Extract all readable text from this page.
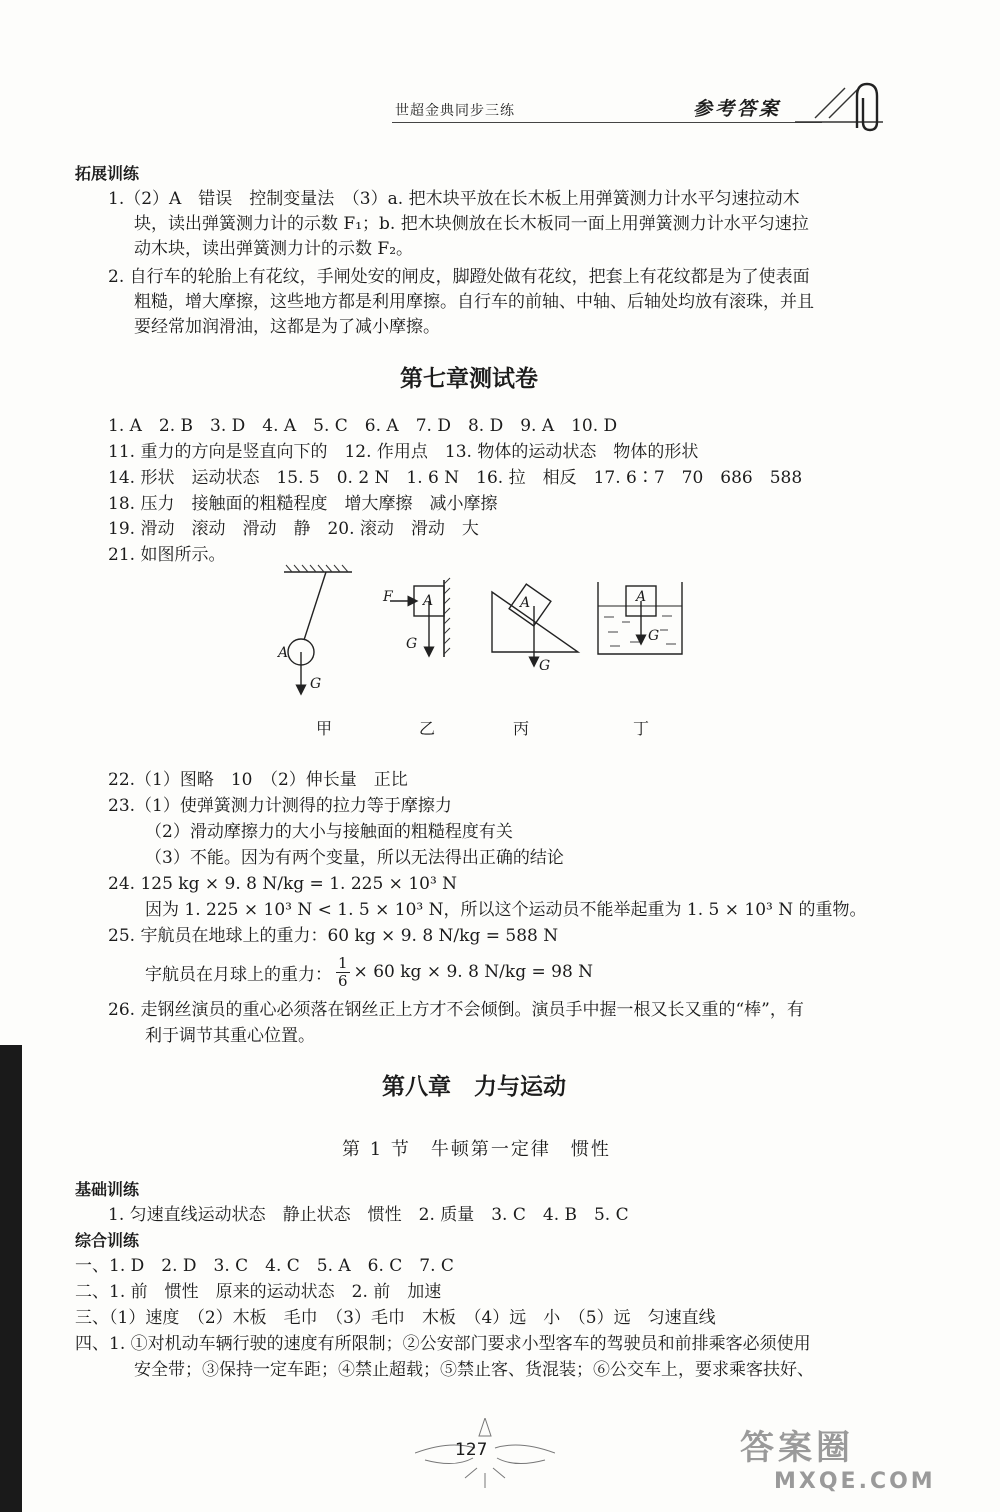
世超金典同步三练	参考答案
拓展训练
1.（2）A　错误　控制变量法　（3）a. 把木块平放在长木板上用弹簧测力计水平匀速拉动木
块，读出弹簧测力计的示数 F₁；b. 把木块侧放在长木板同一面上用弹簧测力计水平匀速拉
动木块，读出弹簧测力计的示数 F₂。
2. 自行车的轮胎上有花纹，手闸处安的闸皮，脚蹬处做有花纹，把套上有花纹都是为了使表面
粗糙，增大摩擦，这些地方都是利用摩擦。自行车的前轴、中轴、后轴处均放有滚珠，并且
要经常加润滑油，这都是为了减小摩擦。
第七章测试卷
1. A　2. B　3. D　4. A　5. C　6. A　7. D　8. D　9. A　10. D
11. 重力的方向是竖直向下的　12. 作用点　13. 物体的运动状态　物体的形状
14. 形状　运动状态　15. 5　0. 2 N　1. 6 N　16. 拉　相反　17. 6∶7　70　686　588
18. 压力　接触面的粗糙程度　增大摩擦　减小摩擦
19. 滑动　滚动　滑动　静　20. 滚动　滑动　大
21. 如图所示。
A
G
F A
G
A
G
A
G
甲	乙	丙	丁
22.（1）图略　10　（2）伸长量　正比
23.（1）使弹簧测力计测得的拉力等于摩擦力
（2）滑动摩擦力的大小与接触面的粗糙程度有关
（3）不能。因为有两个变量，所以无法得出正确的结论
24. 125 kg × 9. 8 N/kg = 1. 225 × 10³ N
因为 1. 225 × 10³ N < 1. 5 × 10³ N，所以这个运动员不能举起重为 1. 5 × 10³ N 的重物。
25. 宇航员在地球上的重力：60 kg × 9. 8 N/kg = 588 N
宇航员在月球上的重力： $\frac{1}{6} \times 60$ kg × 9. 8 N/kg = 98 N
26. 走钢丝演员的重心必须落在钢丝正上方才不会倾倒。演员手中握一根又长又重的“棒”，有
利于调节其重心位置。
第八章　力与运动
第 1 节　牛顿第一定律　惯性
基础训练
1. 匀速直线运动状态　静止状态　惯性　2. 质量　3. C　4. B　5. C
综合训练
一、1. D　2. D　3. C　4. C　5. A　6. C　7. C
二、1. 前　惯性　原来的运动状态　2. 前　加速
三、（1）速度　（2）木板　毛巾　（3）毛巾　木板　（4）远　小　（5）远　匀速直线
四、1. ①对机动车辆行驶的速度有所限制；②公安部门要求小型客车的驾驶员和前排乘客必须使用
安全带；③保持一定车距；④禁止超载；⑤禁止客、货混装；⑥公交车上，要求乘客扶好、
127	答案圈
MXQE.COM
